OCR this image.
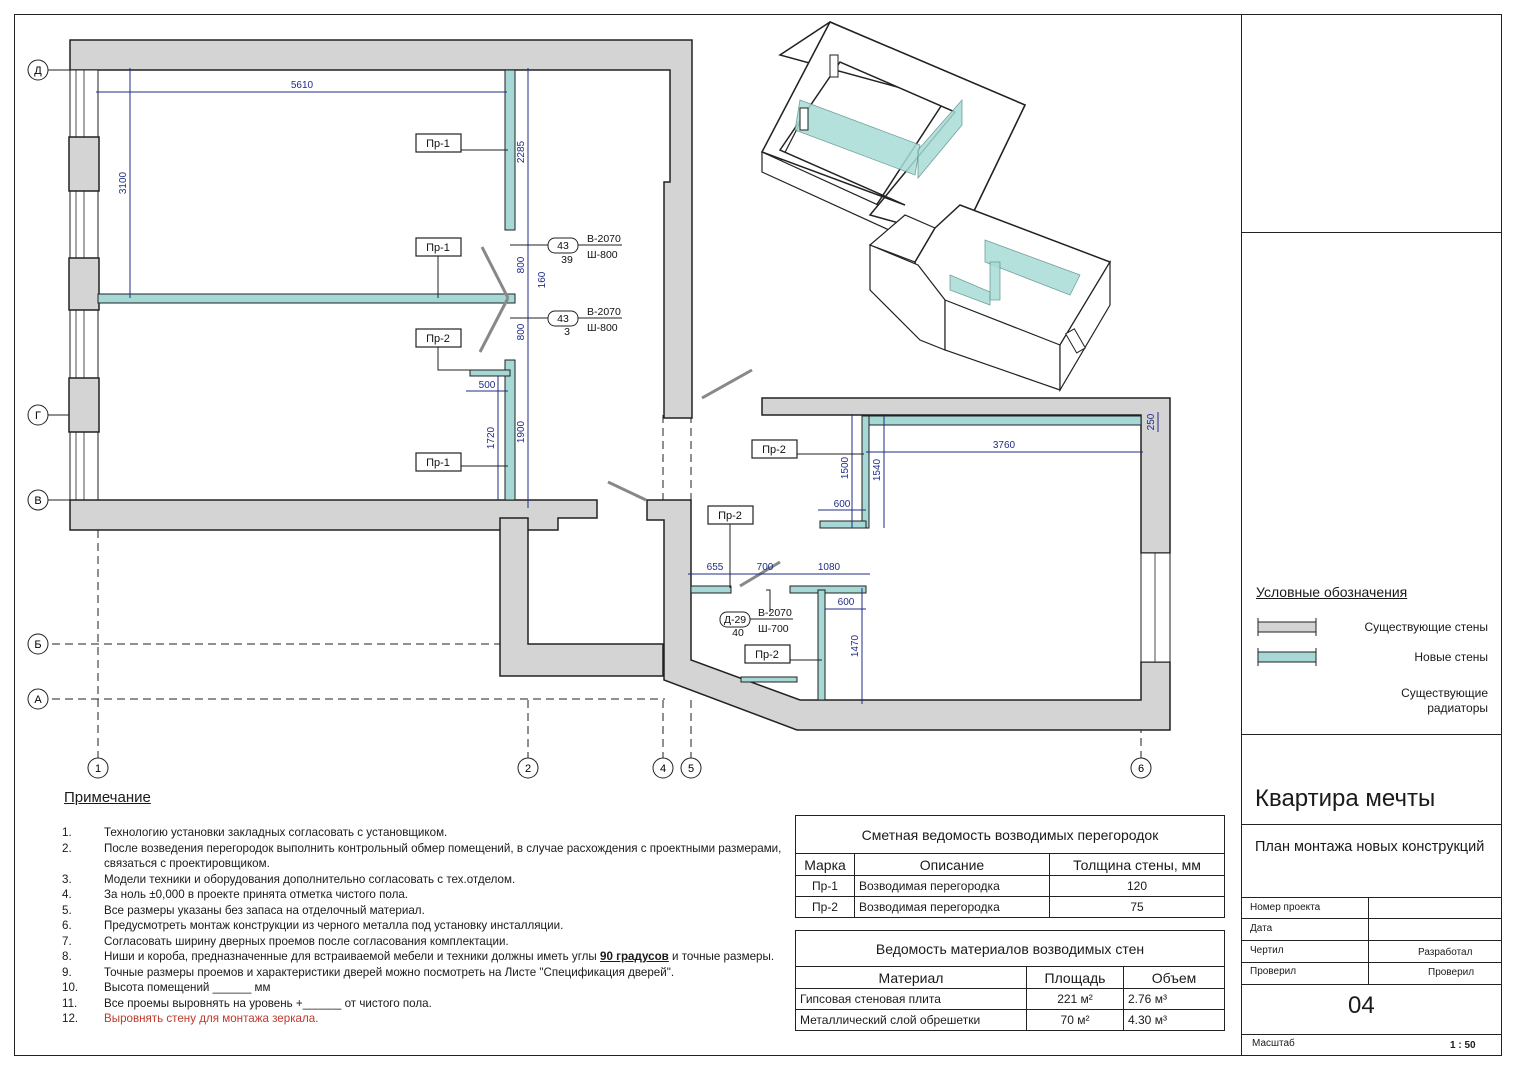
Д
Г
В
Б
А
1	2	4 5	6
5610
3100
2285
800
160
800
1900
500
1720	3760
250
1500 1540
600
655	700	1080
600
1470
Пр-1
Пр-1
Пр-2
Пр-1
Пр-2
Пр-2
Пр-2
43
39
В-2070
Ш-800
43
3
В-2070
Ш-800
Д-29
40
В-2070
Ш-700
Примечание
1.	Технологию установки закладных согласовать с установщиком.
2.	После возведения перегородок выполнить контрольный обмер помещений, в случае расхождения с проектными размерами, связаться с проектировщиком.
3.	Модели техники и оборудования дополнительно согласовать с тех.отделом.
4.	За ноль ±0,000 в проекте принята отметка чистого пола.
5.	Все размеры указаны без запаса на отделочный материал.
6.	Предусмотреть монтаж конструкции из черного металла под установку инсталляции.
7.	Согласовать ширину дверных проемов после согласования комплектации.
8.	Ниши и короба, предназначенные для встраиваемой мебели и техники должны иметь углы 90 градусов и точные размеры.
9.	Точные размеры проемов и характеристики дверей можно посмотреть на Листе "Спецификация дверей".
10.	Высота помещений ______ мм
11.	Все проемы выровнять на уровень +______ от чистого пола.
12.	Выровнять стену для монтажа зеркала.
Сметная ведомость возводимых перегородок		
Марка	Описание	Толщина стены, мм
Пр-1	Возводимая перегородка	120
Пр-2	Возводимая перегородка	75
Ведомость материалов возводимых стен		
Материал	Площадь	Объем
Гипсовая стеновая плита	221 м²	2.76 м³
Металлический слой обрешетки	70 м²	4.30 м³
Условные обозначения
Существующие стены
Новые стены
Существующие радиаторы
Квартира мечты
План монтажа новых конструкций
Номер проекта
Дата
Чертил	Разработал
Проверил	Проверил
04
Масштаб	1 : 50
